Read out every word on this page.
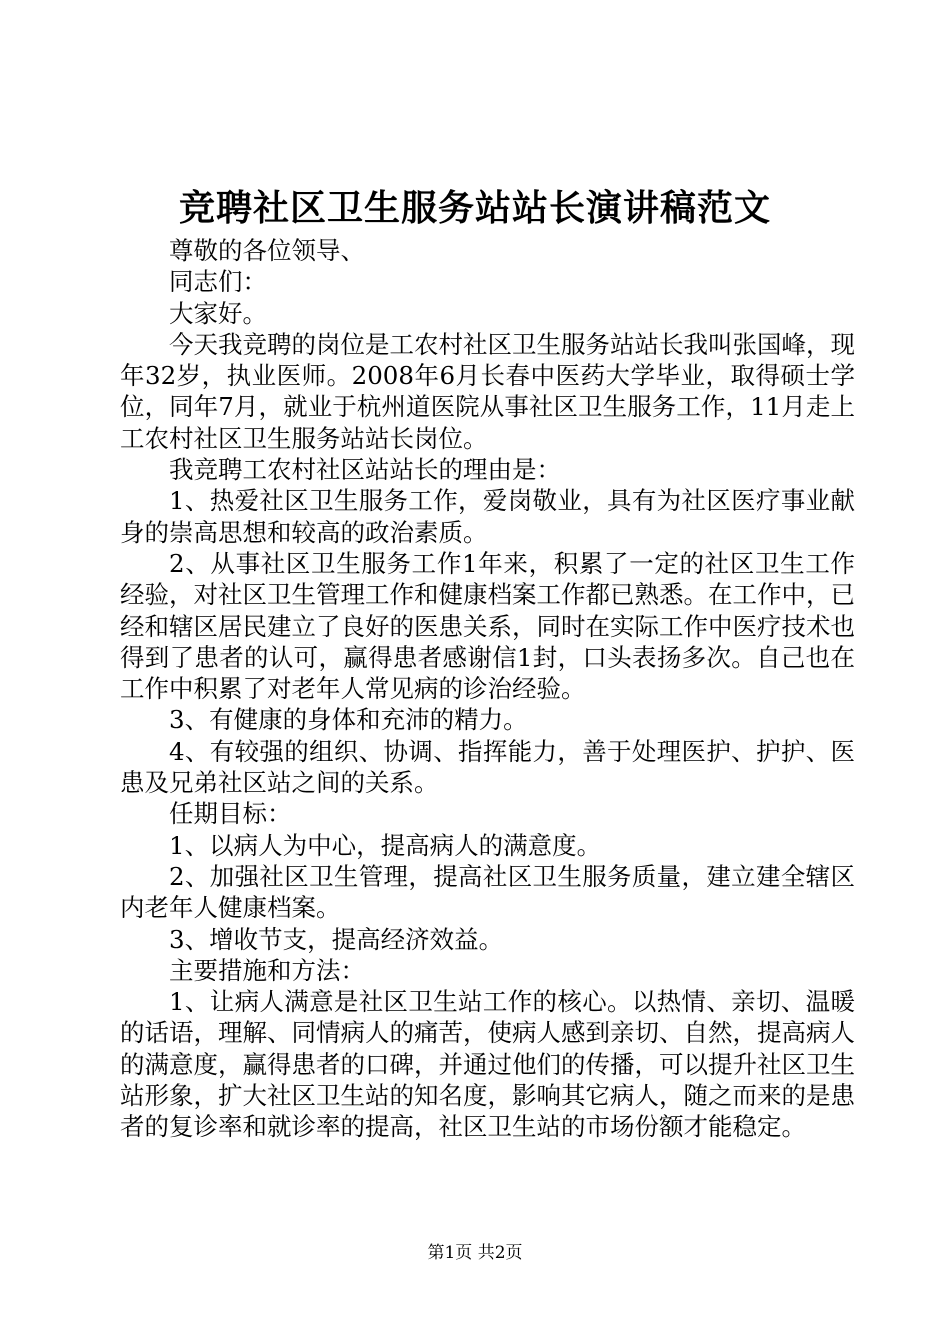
竞聘社区卫生服务站站长演讲稿范文

尊敬的各位领导、

同志们：

大家好。

今天我竞聘的岗位是工农村社区卫生服务站站长我叫张国峰，现年32岁，执业医师。2008年6月长春中医药大学毕业，取得硕士学位，同年7月，就业于杭州道医院从事社区卫生服务工作，11月走上工农村社区卫生服务站站长岗位。

我竞聘工农村社区站站长的理由是：

1、热爱社区卫生服务工作，爱岗敬业，具有为社区医疗事业献身的崇高思想和较高的政治素质。

2、从事社区卫生服务工作1年来，积累了一定的社区卫生工作经验，对社区卫生管理工作和健康档案工作都已熟悉。在工作中，已经和辖区居民建立了良好的医患关系，同时在实际工作中医疗技术也得到了患者的认可，赢得患者感谢信1封，口头表扬多次。自己也在工作中积累了对老年人常见病的诊治经验。

3、有健康的身体和充沛的精力。

4、有较强的组织、协调、指挥能力，善于处理医护、护护、医患及兄弟社区站之间的关系。

任期目标：

1、以病人为中心，提高病人的满意度。

2、加强社区卫生管理，提高社区卫生服务质量，建立建全辖区内老年人健康档案。

3、增收节支，提高经济效益。

主要措施和方法：

1、让病人满意是社区卫生站工作的核心。以热情、亲切、温暖的话语，理解、同情病人的痛苦，使病人感到亲切、自然，提高病人的满意度，赢得患者的口碑，并通过他们的传播，可以提升社区卫生站形象，扩大社区卫生站的知名度，影响其它病人，随之而来的是患者的复诊率和就诊率的提高，社区卫生站的市场份额才能稳定。

第1页 共2页
